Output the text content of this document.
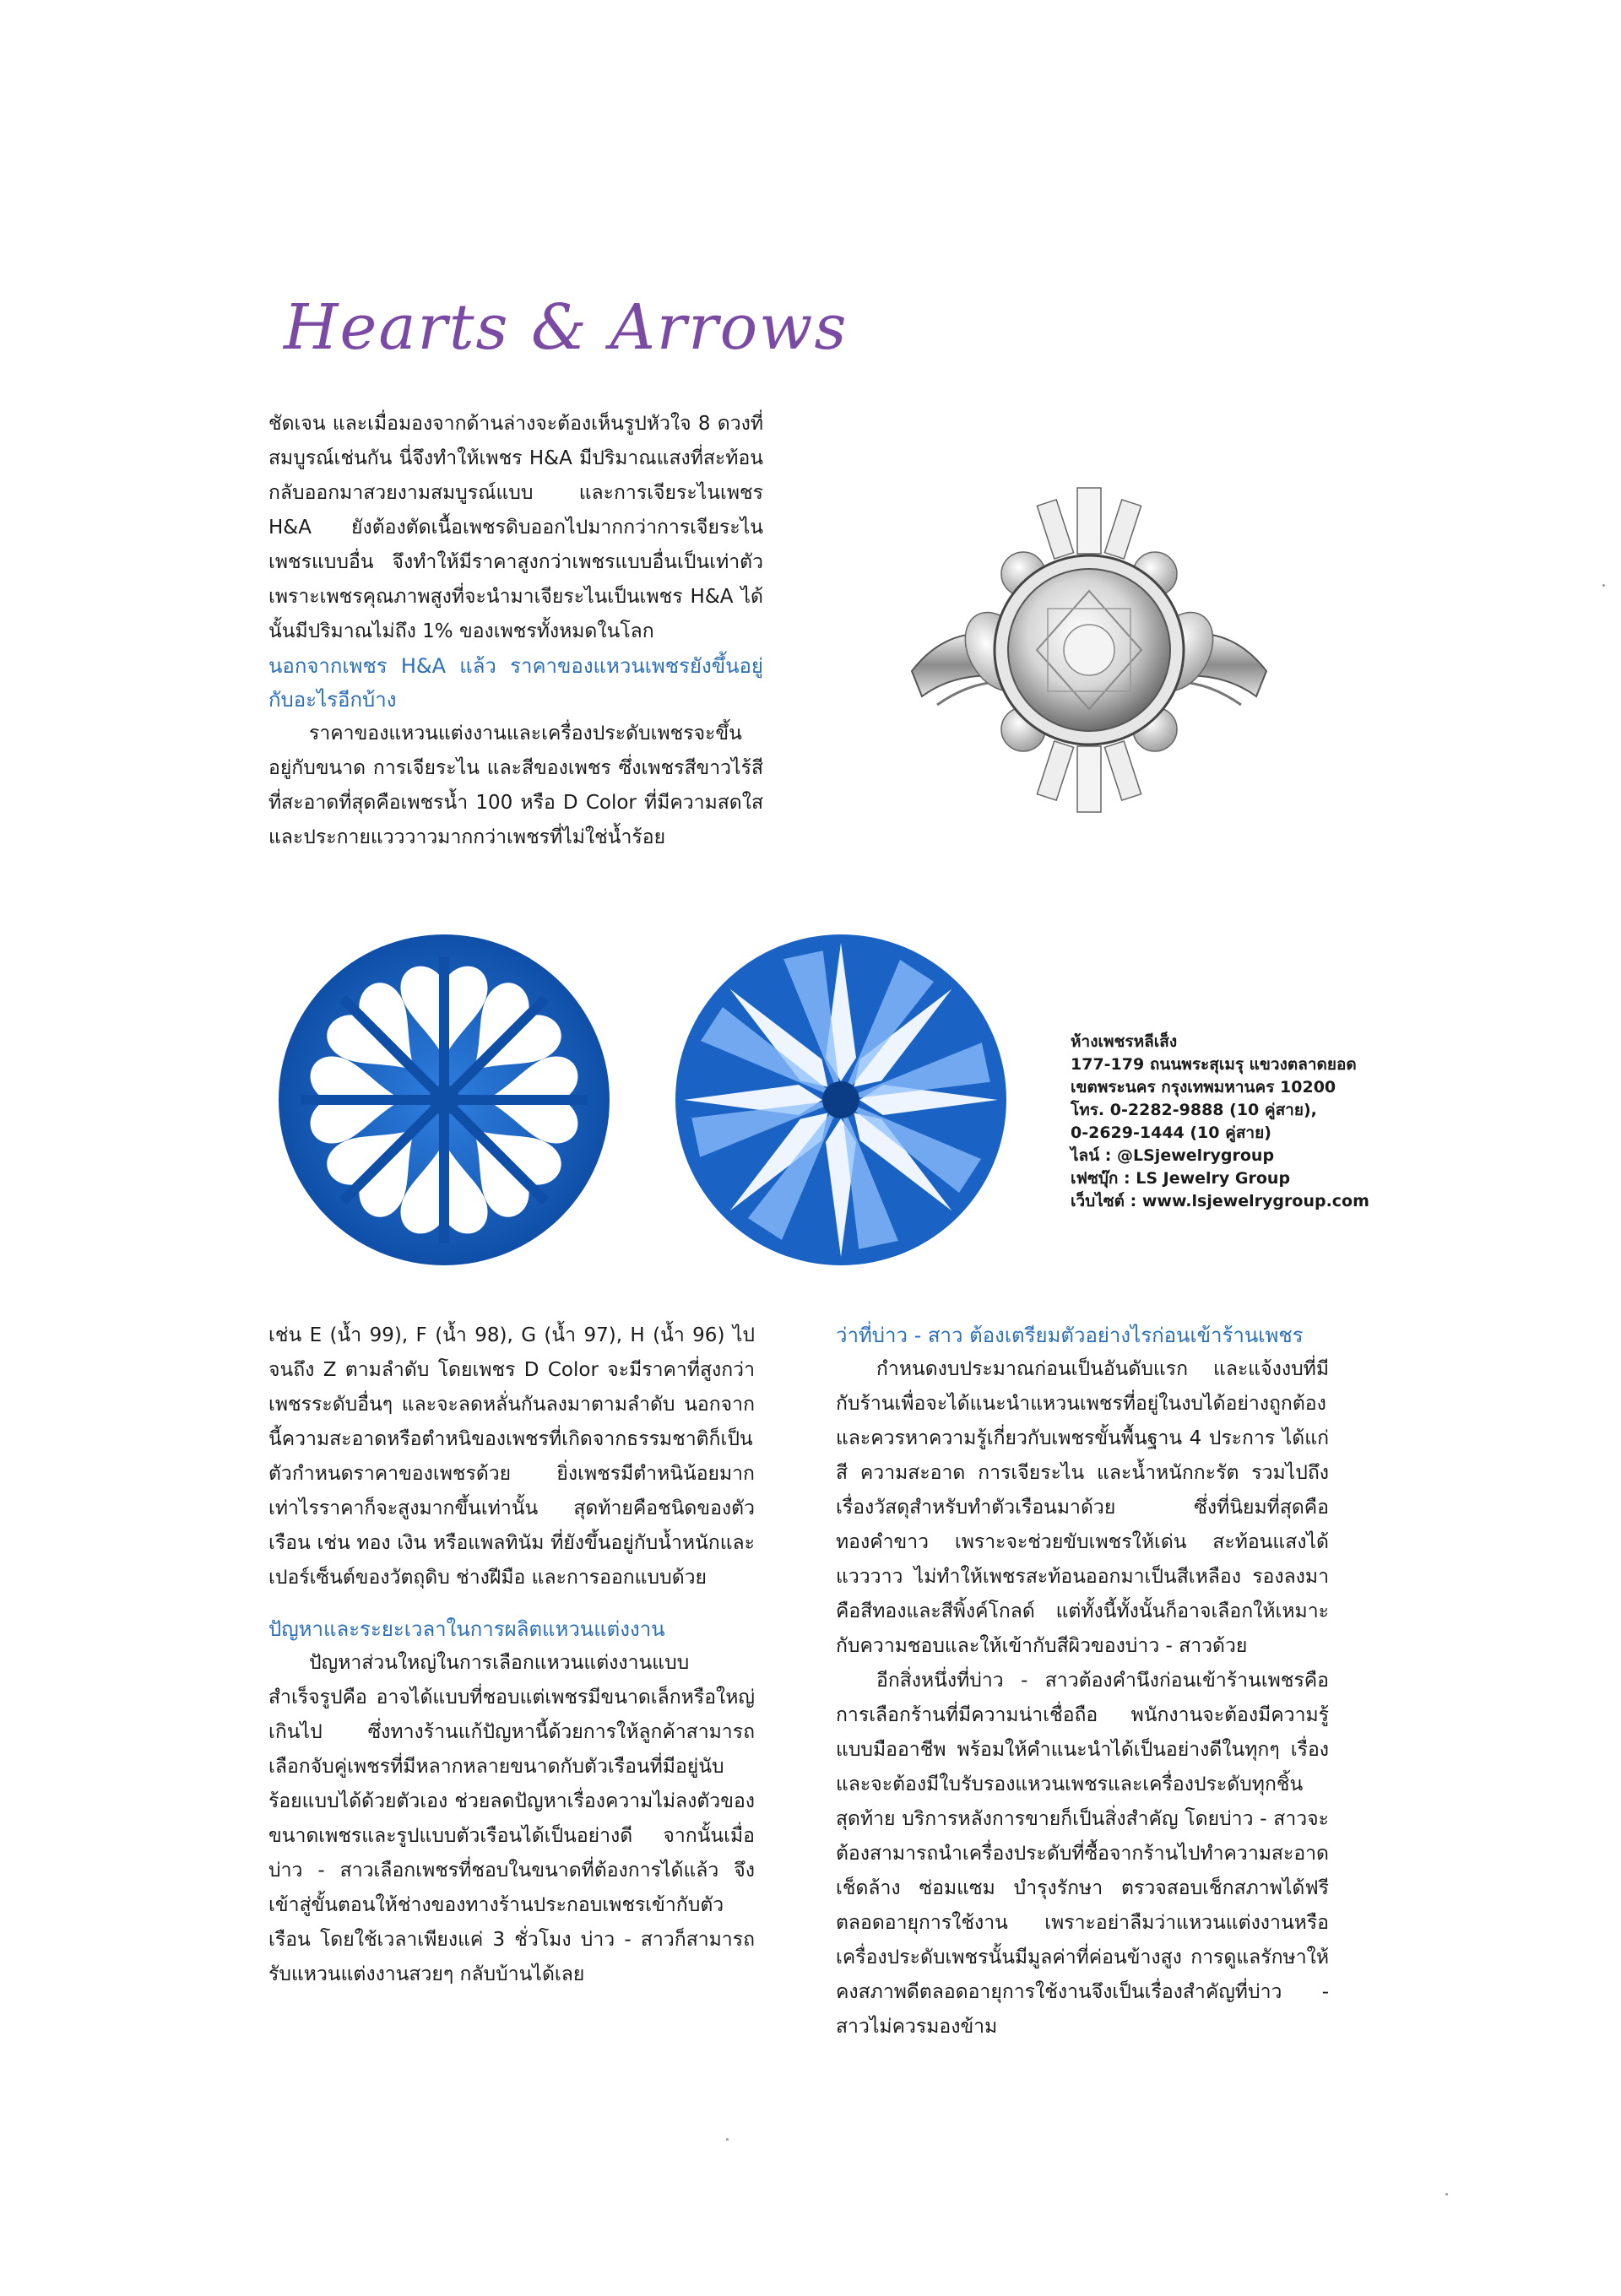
Hearts & Arrows

ชัดเจน และเมื่อมองจากด้านล่างจะต้องเห็นรูปหัวใจ 8 ดวงที่สมบูรณ์เช่นกัน นี่จึงทำให้เพชร H&A มีปริมาณแสงที่สะท้อนกลับออกมาสวยงามสมบูรณ์แบบ และการเจียระไนเพชร H&A ยังต้องตัดเนื้อเพชรดิบออกไปมากกว่าการเจียระไนเพชรแบบอื่น จึงทำให้มีราคาสูงกว่าเพชรแบบอื่นเป็นเท่าตัว เพราะเพชรคุณภาพสูงที่จะนำมาเจียระไนเป็นเพชร H&A ได้นั้นมีปริมาณไม่ถึง 1% ของเพชรทั้งหมดในโลก

นอกจากเพชร H&A แล้ว ราคาของแหวนเพชรยังขึ้นอยู่กับอะไรอีกบ้าง

ราคาของแหวนแต่งงานและเครื่องประดับเพชรจะขึ้นอยู่กับขนาด การเจียระไน และสีของเพชร ซึ่งเพชรสีขาวไร้สีที่สะอาดที่สุดคือเพชรน้ำ 100 หรือ D Color ที่มีความสดใสและประกายแวววาวมากกว่าเพชรที่ไม่ใช่น้ำร้อย

ห้างเพชรหลีเส็ง
177-179 ถนนพระสุเมรุ แขวงตลาดยอด
เขตพระนคร กรุงเทพมหานคร 10200
โทร. 0-2282-9888 (10 คู่สาย),
0-2629-1444 (10 คู่สาย)
ไลน์ : @LSjewelrygroup
เฟซบุ๊ก : LS Jewelry Group
เว็บไซต์ : www.lsjewelrygroup.com

เช่น E (น้ำ 99), F (น้ำ 98), G (น้ำ 97), H (น้ำ 96) ไปจนถึง Z ตามลำดับ โดยเพชร D Color จะมีราคาที่สูงกว่าเพชรระดับอื่นๆ และจะลดหลั่นกันลงมาตามลำดับ นอกจากนี้ความสะอาดหรือตำหนิของเพชรที่เกิดจากธรรมชาติก็เป็นตัวกำหนดราคาของเพชรด้วย ยิ่งเพชรมีตำหนิน้อยมากเท่าไรราคาก็จะสูงมากขึ้นเท่านั้น สุดท้ายคือชนิดของตัวเรือน เช่น ทอง เงิน หรือแพลทินัม ที่ยังขึ้นอยู่กับน้ำหนักและเปอร์เซ็นต์ของวัตถุดิบ ช่างฝีมือ และการออกแบบด้วย

ปัญหาและระยะเวลาในการผลิตแหวนแต่งงาน

ปัญหาส่วนใหญ่ในการเลือกแหวนแต่งงานแบบสำเร็จรูปคือ อาจได้แบบที่ชอบแต่เพชรมีขนาดเล็กหรือใหญ่เกินไป ซึ่งทางร้านแก้ปัญหานี้ด้วยการให้ลูกค้าสามารถเลือกจับคู่เพชรที่มีหลากหลายขนาดกับตัวเรือนที่มีอยู่นับร้อยแบบได้ด้วยตัวเอง ช่วยลดปัญหาเรื่องความไม่ลงตัวของขนาดเพชรและรูปแบบตัวเรือนได้เป็นอย่างดี จากนั้นเมื่อบ่าว - สาวเลือกเพชรที่ชอบในขนาดที่ต้องการได้แล้ว จึงเข้าสู่ขั้นตอนให้ช่างของทางร้านประกอบเพชรเข้ากับตัวเรือน โดยใช้เวลาเพียงแค่ 3 ชั่วโมง บ่าว - สาวก็สามารถรับแหวนแต่งงานสวยๆ กลับบ้านได้เลย

ว่าที่บ่าว - สาว ต้องเตรียมตัวอย่างไรก่อนเข้าร้านเพชร

กำหนดงบประมาณก่อนเป็นอันดับแรก และแจ้งงบที่มีกับร้านเพื่อจะได้แนะนำแหวนเพชรที่อยู่ในงบได้อย่างถูกต้อง และควรหาความรู้เกี่ยวกับเพชรขั้นพื้นฐาน 4 ประการ ได้แก่ สี ความสะอาด การเจียระไน และน้ำหนักกะรัต รวมไปถึงเรื่องวัสดุสำหรับทำตัวเรือนมาด้วย ซึ่งที่นิยมที่สุดคือทองคำขาว เพราะจะช่วยขับเพชรให้เด่น สะท้อนแสงได้แวววาว ไม่ทำให้เพชรสะท้อนออกมาเป็นสีเหลือง รองลงมาคือสีทองและสีพิ้งค์โกลด์ แต่ทั้งนี้ทั้งนั้นก็อาจเลือกให้เหมาะกับความชอบและให้เข้ากับสีผิวของบ่าว - สาวด้วย

อีกสิ่งหนึ่งที่บ่าว - สาวต้องคำนึงก่อนเข้าร้านเพชรคือการเลือกร้านที่มีความน่าเชื่อถือ พนักงานจะต้องมีความรู้แบบมืออาชีพ พร้อมให้คำแนะนำได้เป็นอย่างดีในทุกๆ เรื่อง และจะต้องมีใบรับรองแหวนเพชรและเครื่องประดับทุกชิ้น สุดท้าย บริการหลังการขายก็เป็นสิ่งสำคัญ โดยบ่าว - สาวจะต้องสามารถนำเครื่องประดับที่ซื้อจากร้านไปทำความสะอาด เช็ดล้าง ซ่อมแซม บำรุงรักษา ตรวจสอบเช็กสภาพได้ฟรีตลอดอายุการใช้งาน เพราะอย่าลืมว่าแหวนแต่งงานหรือเครื่องประดับเพชรนั้นมีมูลค่าที่ค่อนข้างสูง การดูแลรักษาให้คงสภาพดีตลอดอายุการใช้งานจึงเป็นเรื่องสำคัญที่บ่าว - สาวไม่ควรมองข้าม
